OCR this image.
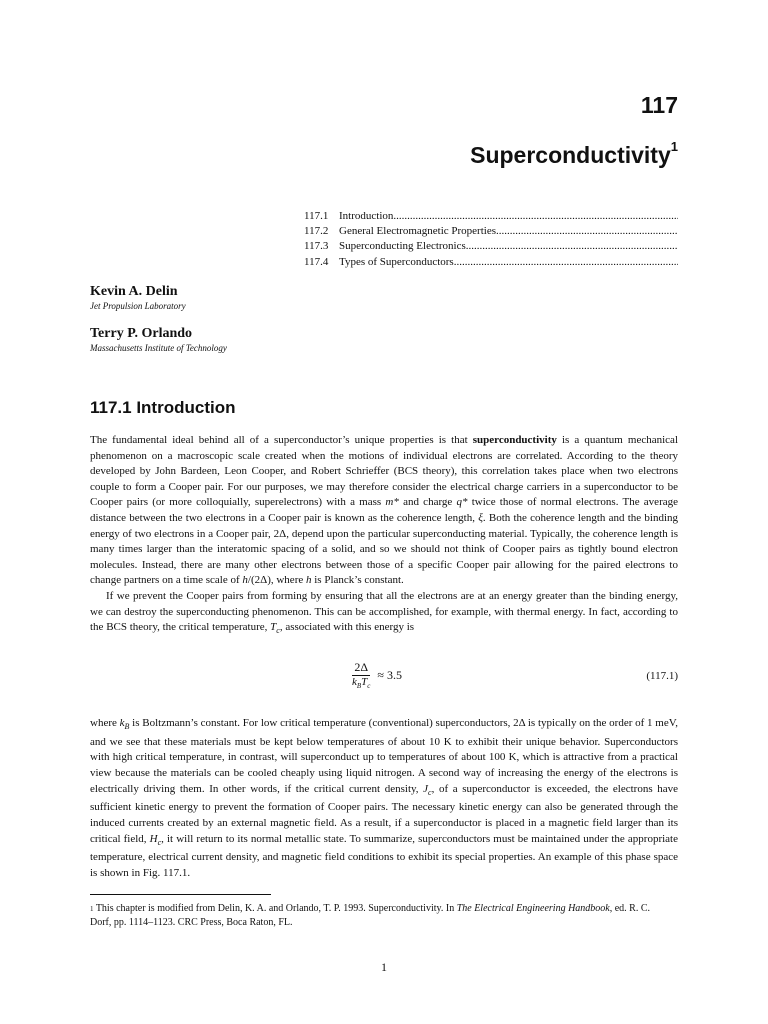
117
Superconductivity$^1$
117.1 Introduction
.....
117.2 General Electromagnetic Properties
.....
117.3 Superconducting Electronics
.....
117.4 Types of Superconductors
.....
Kevin A. Delin
Jet Propulsion Laboratory
Terry P. Orlando
Massachusetts Institute of Technology
117.1 Introduction

The fundamental ideal behind all of a superconductor’s unique properties is that superconductivity is a quantum mechanical phenomenon on a macroscopic scale created when the motions of individual electrons are correlated. According to the theory developed by John Bardeen, Leon Cooper, and Robert Schrieffer (BCS theory), this correlation takes place when two electrons couple to form a Cooper pair. For our purposes, we may therefore consider the electrical charge carriers in a superconductor to be Cooper pairs (or more colloquially, superelectrons) with a mass m* and charge q* twice those of normal electrons. The average distance between the two electrons in a Cooper pair is known as the coherence length, ξ. Both the coherence length and the binding energy of two electrons in a Cooper pair, 2Δ, depend upon the particular superconducting material. Typically, the coherence length is many times larger than the interatomic spacing of a solid, and so we should not think of Cooper pairs as tightly bound electron molecules. Instead, there are many other electrons between those of a specific Cooper pair allowing for the paired electrons to change partners on a time scale of h/(2Δ), where h is Planck’s constant.

If we prevent the Cooper pairs from forming by ensuring that all the electrons are at an energy greater than the binding energy, we can destroy the superconducting phenomenon. This can be accomplished, for example, with thermal energy. In fact, according to the BCS theory, the critical temperature, $T_c$, associated with this energy is

$\frac{2\Delta}{k_BT_c} \approx 3.5$	(117.1)

where $k_B$ is Boltzmann’s constant. For low critical temperature (conventional) superconductors, 2Δ is typically on the order of 1 meV, and we see that these materials must be kept below temperatures of about 10 K to exhibit their unique behavior. Superconductors with high critical temperature, in contrast, will superconduct up to temperatures of about 100 K, which is attractive from a practical view because the materials can be cooled cheaply using liquid nitrogen. A second way of increasing the energy of the electrons is electrically driving them. In other words, if the critical current density, $J_c$, of a superconductor is exceeded, the electrons have sufficient kinetic energy to prevent the formation of Cooper pairs. The necessary kinetic energy can also be generated through the induced currents created by an external magnetic field. As a result, if a superconductor is placed in a magnetic field larger than its critical field, $H_c$, it will return to its normal metallic state. To summarize, superconductors must be maintained under the appropriate temperature, electrical current density, and magnetic field conditions to exhibit its special properties. An example of this phase space is shown in Fig. 117.1.

$^1$ This chapter is modified from Delin, K. A. and Orlando, T. P. 1993. Superconductivity. In The Electrical Engineering Handbook, ed. R. C. Dorf, pp. 1114–1123. CRC Press, Boca Raton, FL.
1
